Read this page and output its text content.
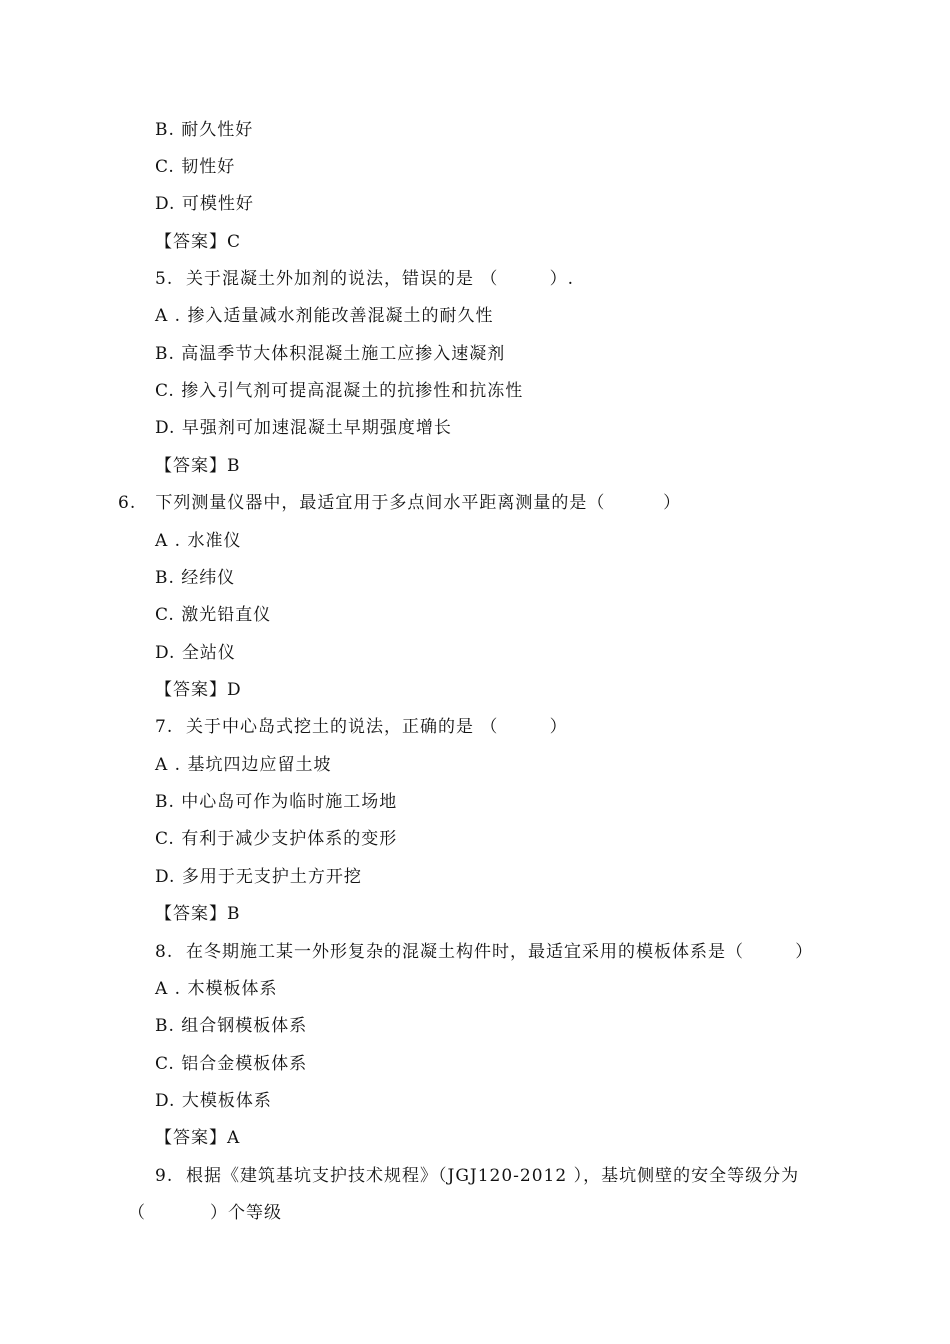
B. 耐久性好
C. 韧性好
D. 可模性好
【答案】C
5.  关于混凝土外加剂的说法，错误的是 （        ）.
A . 掺入适量减水剂能改善混凝土的耐久性
B. 高温季节大体积混凝土施工应掺入速凝剂
C. 掺入引气剂可提高混凝土的抗掺性和抗冻性
D. 早强剂可加速混凝土早期强度增长
【答案】B
6.   下列测量仪器中，最适宜用于多点间水平距离测量的是（         ）
A . 水准仪
B. 经纬仪
C. 激光铅直仪
D. 全站仪
【答案】D
7.  关于中心岛式挖土的说法，正确的是 （        ）
A . 基坑四边应留土坡
B. 中心岛可作为临时施工场地
C. 有利于减少支护体系的变形
D. 多用于无支护土方开挖
【答案】B
8.  在冬期施工某一外形复杂的混凝土构件时，最适宜采用的模板体系是（        ）
A . 木模板体系
B. 组合钢模板体系
C. 铝合金模板体系
D. 大模板体系
【答案】A
9.  根据《建筑基坑支护技术规程》（JGJ120-2012 ），基坑侧壁的安全等级分为
（          ）个等级
